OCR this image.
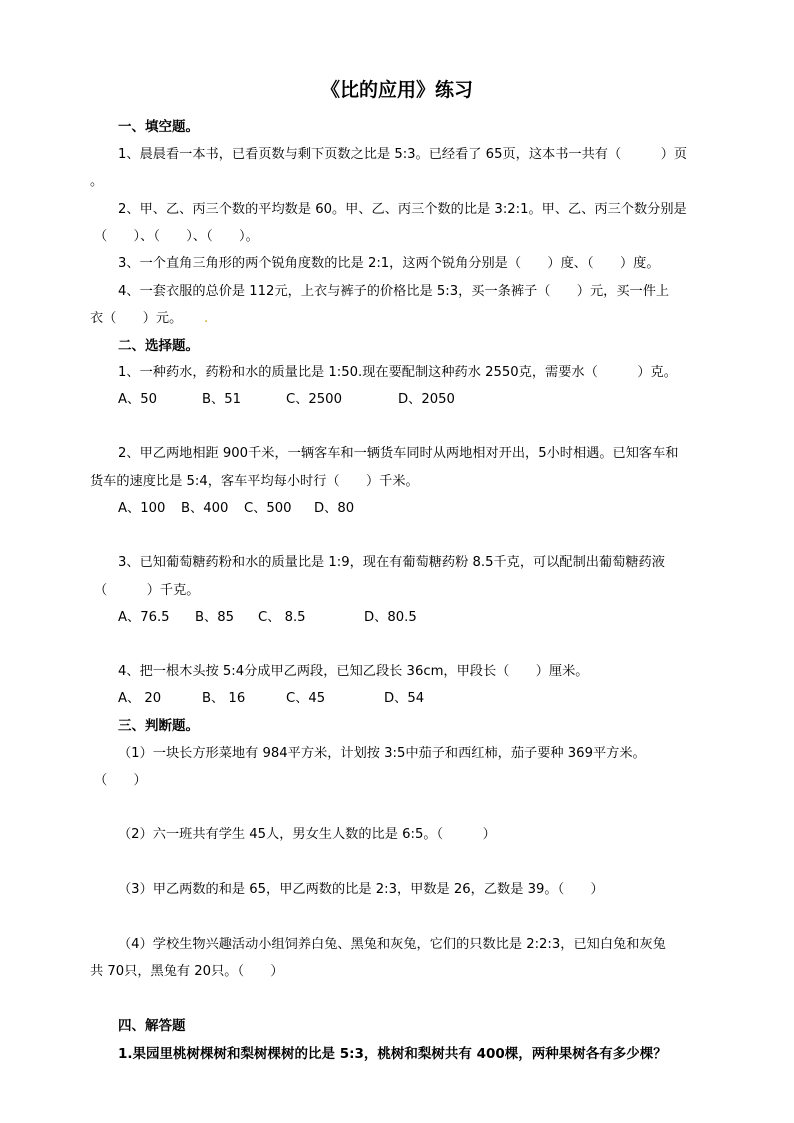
《比的应用》练习
一、填空题。
1、晨晨看一本书，已看页数与剩下页数之比是 5:3。已经看了 65页，这本书一共有（　　　）页
。
2、甲、乙、丙三个数的平均数是 60。甲、乙、丙三个数的比是 3:2:1。甲、乙、丙三个数分别是
（　　）、（　　）、（　　）。
3、一个直角三角形的两个锐角度数的比是 2:1，这两个锐角分别是（　　）度、（　　）度。
4、一套衣服的总价是 112元，上衣与裤子的价格比是 5:3，买一条裤子（　　）元，买一件上
衣（　　）元。 .
二、选择题。
1、一种药水，药粉和水的质量比是 1:50.现在要配制这种药水 2550克，需要水（　　　）克。
A、50	B、51	C、2500	D、2050
2、甲乙两地相距 900千米，一辆客车和一辆货车同时从两地相对开出，5小时相遇。已知客车和
货车的速度比是 5:4，客车平均每小时行（　　）千米。
A、100 B、400 C、500 D、80
3、已知葡萄糖药粉和水的质量比是 1:9，现在有葡萄糖药粉 8.5千克，可以配制出葡萄糖药液
（　　　）千克。
A、76.5 B、85 C、 8.5	D、80.5
4、把一根木头按 5:4分成甲乙两段，已知乙段长 36cm，甲段长（　　）厘米。
A、 20	B、 16	C、45	D、54
三、判断题。
（1）一块长方形菜地有 984平方米，计划按 3:5中茄子和西红柿，茄子要种 369平方米。
（　　）
（2）六一班共有学生 45人，男女生人数的比是 6:5。（　　　）
（3）甲乙两数的和是 65，甲乙两数的比是 2:3，甲数是 26，乙数是 39。（　　）
（4）学校生物兴趣活动小组饲养白兔、黑兔和灰兔，它们的只数比是 2:2:3，已知白兔和灰兔
共 70只，黑兔有 20只。（　　）
四、解答题
1.果园里桃树棵树和梨树棵树的比是 5:3，桃树和梨树共有 400棵，两种果树各有多少棵？
